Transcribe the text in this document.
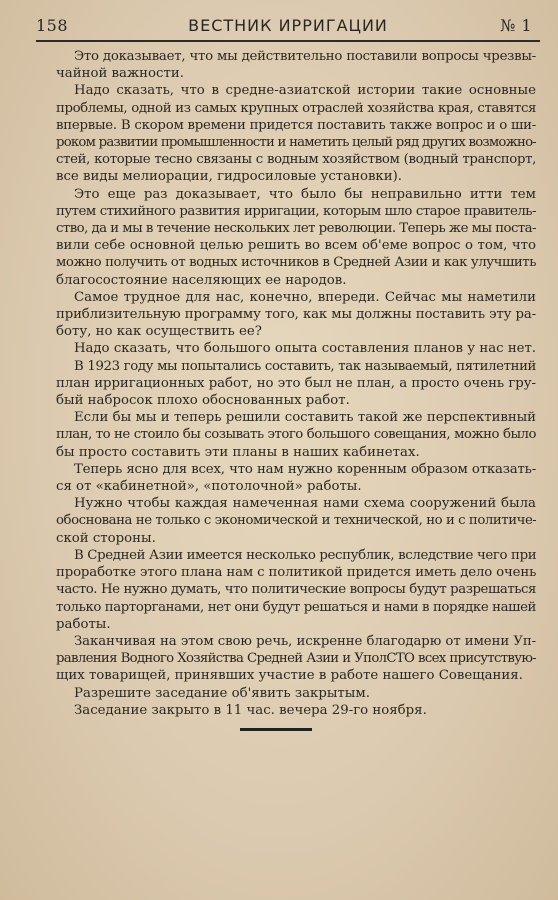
158	ВЕСТНИК ИРРИГАЦИИ	№ 1
Это доказывает, что мы действительно поставили вопросы чрезвы-
чайной важности.
Надо сказать, что в средне-азиатской истории такие основные
проблемы, одной из самых крупных отраслей хозяйства края, ставятся
впервые. В скором времени придется поставить также вопрос и о ши-
роком развитии промышленности и наметить целый ряд других возможно-
стей, которые тесно связаны с водным хозяйством (водный транспорт,
все виды мелиорации, гидросиловые установки).
Это еще раз доказывает, что было бы неправильно итти тем
путем стихийного развития ирригации, которым шло старое правитель-
ство, да и мы в течение нескольких лет революции. Теперь же мы поста-
вили себе основной целью решить во всем об'еме вопрос о том, что
можно получить от водных источников в Средней Азии и как улучшить
благосостояние населяющих ее народов.
Самое трудное для нас, конечно, впереди. Сейчас мы наметили
приблизительную программу того, как мы должны поставить эту ра-
боту, но как осуществить ее?
Надо сказать, что большого опыта составления планов у нас нет.
В 1923 году мы попытались составить, так называемый, пятилетний
план ирригационных работ, но это был не план, а просто очень гру-
бый набросок плохо обоснованных работ.
Если бы мы и теперь решили составить такой же перспективный
план, то не стоило бы созывать этого большого совещания, можно было
бы просто составить эти планы в наших кабинетах.
Теперь ясно для всех, что нам нужно коренным образом отказать-
ся от «кабинетной», «потолочной» работы.
Нужно чтобы каждая намеченная нами схема сооружений была
обоснована не только с экономической и технической, но и с политиче-
ской стороны.
В Средней Азии имеется несколько республик, вследствие чего при
проработке этого плана нам с политикой придется иметь дело очень
часто. Не нужно думать, что политические вопросы будут разрешаться
только парторганами, нет они будут решаться и нами в порядке нашей
работы.
Заканчивая на этом свою речь, искренне благодарю от имени Уп-
равления Водного Хозяйства Средней Азии и УполСТО всех присутствую-
щих товарищей, принявших участие в работе нашего Совещания.
Разрешите заседание об'явить закрытым.
Заседание закрыто в 11 час. вечера 29-го ноября.
